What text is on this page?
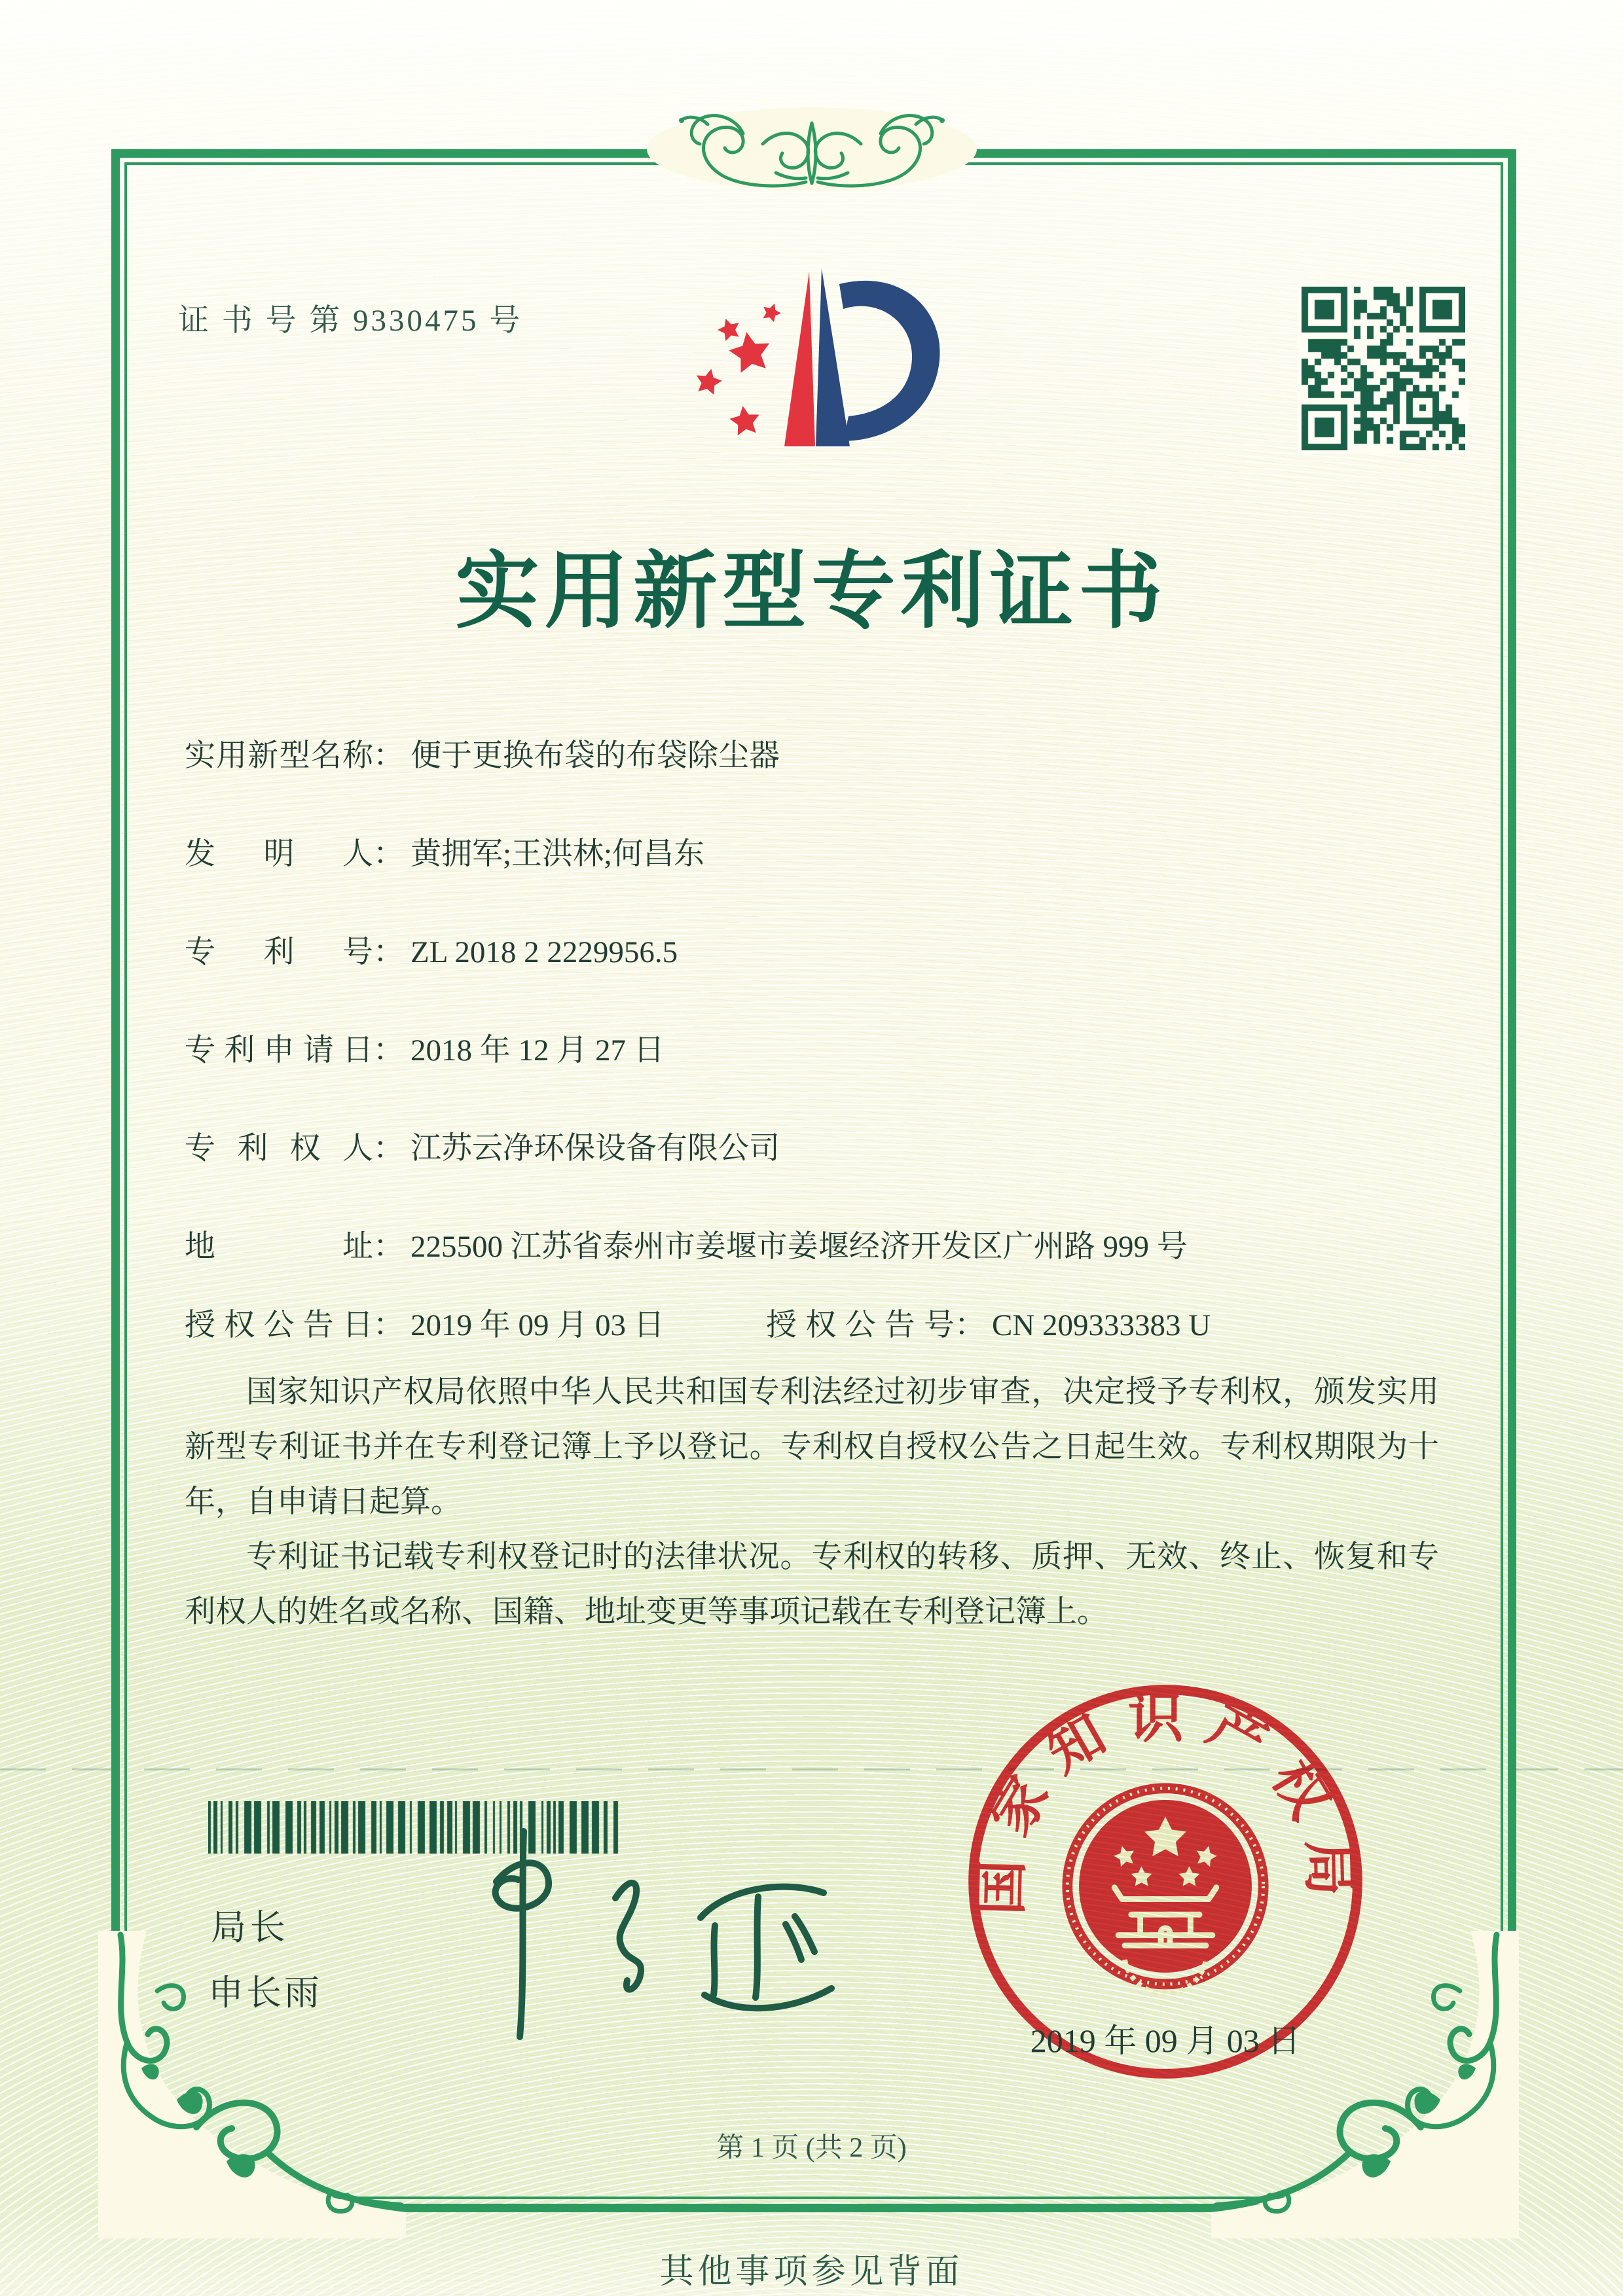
证 书 号 第 9330475 号
实用新型专利证书
实用新型名称： 便于更换布袋的布袋除尘器
发明人： 黄拥军;王洪林;何昌东
专利号： ZL 2018 2 2229956.5
专利申请日： 2018 年 12 月 27 日
专利权人： 江苏云净环保设备有限公司
地址： 225500 江苏省泰州市姜堰市姜堰经济开发区广州路 999 号
授权公告日： 2019 年 09 月 03 日	授权公告号： CN 209333383 U

国家知识产权局依照中华人民共和国专利法经过初步审查，决定授予专利权，颁发实用新型专利证书并在专利登记簿上予以登记。专利权自授权公告之日起生效。专利权期限为十年，自申请日起算。

专利证书记载专利权登记时的法律状况。专利权的转移、质押、无效、终止、恢复和专利权人的姓名或名称、国籍、地址变更等事项记载在专利登记簿上。

局长
申长雨
国家知识产权局
2019 年 09 月 03 日
第 1 页 (共 2 页)
其他事项参见背面
